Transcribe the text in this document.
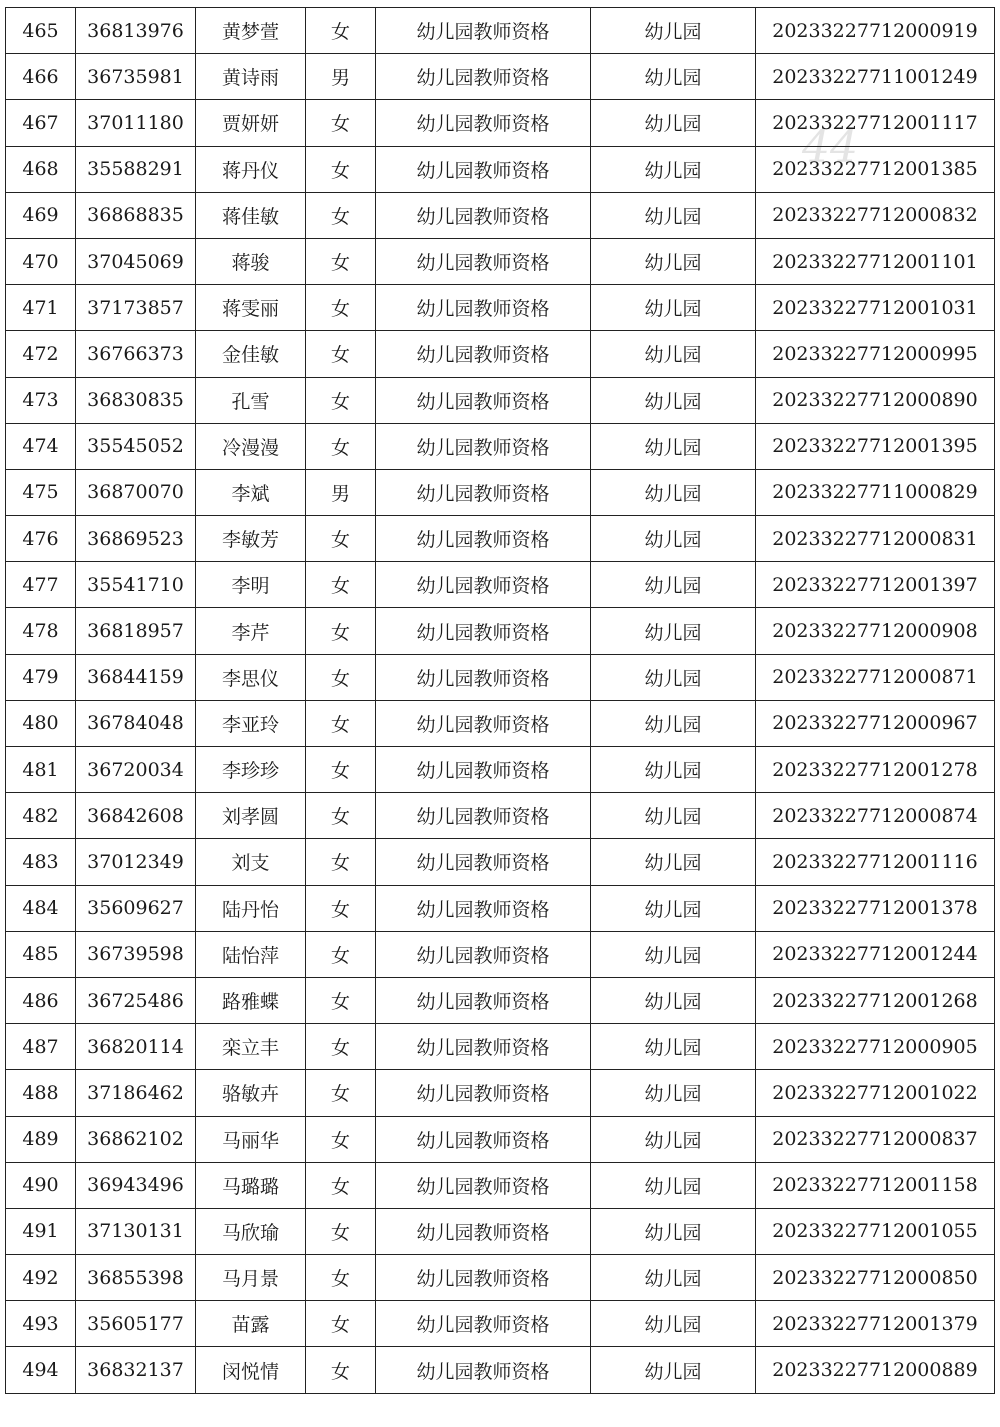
44
465	36813976	黄梦萱	女	幼儿园教师资格	幼儿园	20233227712000919
466	36735981	黄诗雨	男	幼儿园教师资格	幼儿园	20233227711001249
467	37011180	贾妍妍	女	幼儿园教师资格	幼儿园	20233227712001117
468	35588291	蒋丹仪	女	幼儿园教师资格	幼儿园	20233227712001385
469	36868835	蒋佳敏	女	幼儿园教师资格	幼儿园	20233227712000832
470	37045069	蒋骏	女	幼儿园教师资格	幼儿园	20233227712001101
471	37173857	蒋雯丽	女	幼儿园教师资格	幼儿园	20233227712001031
472	36766373	金佳敏	女	幼儿园教师资格	幼儿园	20233227712000995
473	36830835	孔雪	女	幼儿园教师资格	幼儿园	20233227712000890
474	35545052	冷漫漫	女	幼儿园教师资格	幼儿园	20233227712001395
475	36870070	李斌	男	幼儿园教师资格	幼儿园	20233227711000829
476	36869523	李敏芳	女	幼儿园教师资格	幼儿园	20233227712000831
477	35541710	李明	女	幼儿园教师资格	幼儿园	20233227712001397
478	36818957	李芹	女	幼儿园教师资格	幼儿园	20233227712000908
479	36844159	李思仪	女	幼儿园教师资格	幼儿园	20233227712000871
480	36784048	李亚玲	女	幼儿园教师资格	幼儿园	20233227712000967
481	36720034	李珍珍	女	幼儿园教师资格	幼儿园	20233227712001278
482	36842608	刘孝圆	女	幼儿园教师资格	幼儿园	20233227712000874
483	37012349	刘支	女	幼儿园教师资格	幼儿园	20233227712001116
484	35609627	陆丹怡	女	幼儿园教师资格	幼儿园	20233227712001378
485	36739598	陆怡萍	女	幼儿园教师资格	幼儿园	20233227712001244
486	36725486	路雅蝶	女	幼儿园教师资格	幼儿园	20233227712001268
487	36820114	栾立丰	女	幼儿园教师资格	幼儿园	20233227712000905
488	37186462	骆敏卉	女	幼儿园教师资格	幼儿园	20233227712001022
489	36862102	马丽华	女	幼儿园教师资格	幼儿园	20233227712000837
490	36943496	马璐璐	女	幼儿园教师资格	幼儿园	20233227712001158
491	37130131	马欣瑜	女	幼儿园教师资格	幼儿园	20233227712001055
492	36855398	马月景	女	幼儿园教师资格	幼儿园	20233227712000850
493	35605177	苗露	女	幼儿园教师资格	幼儿园	20233227712001379
494	36832137	闵悦情	女	幼儿园教师资格	幼儿园	20233227712000889
